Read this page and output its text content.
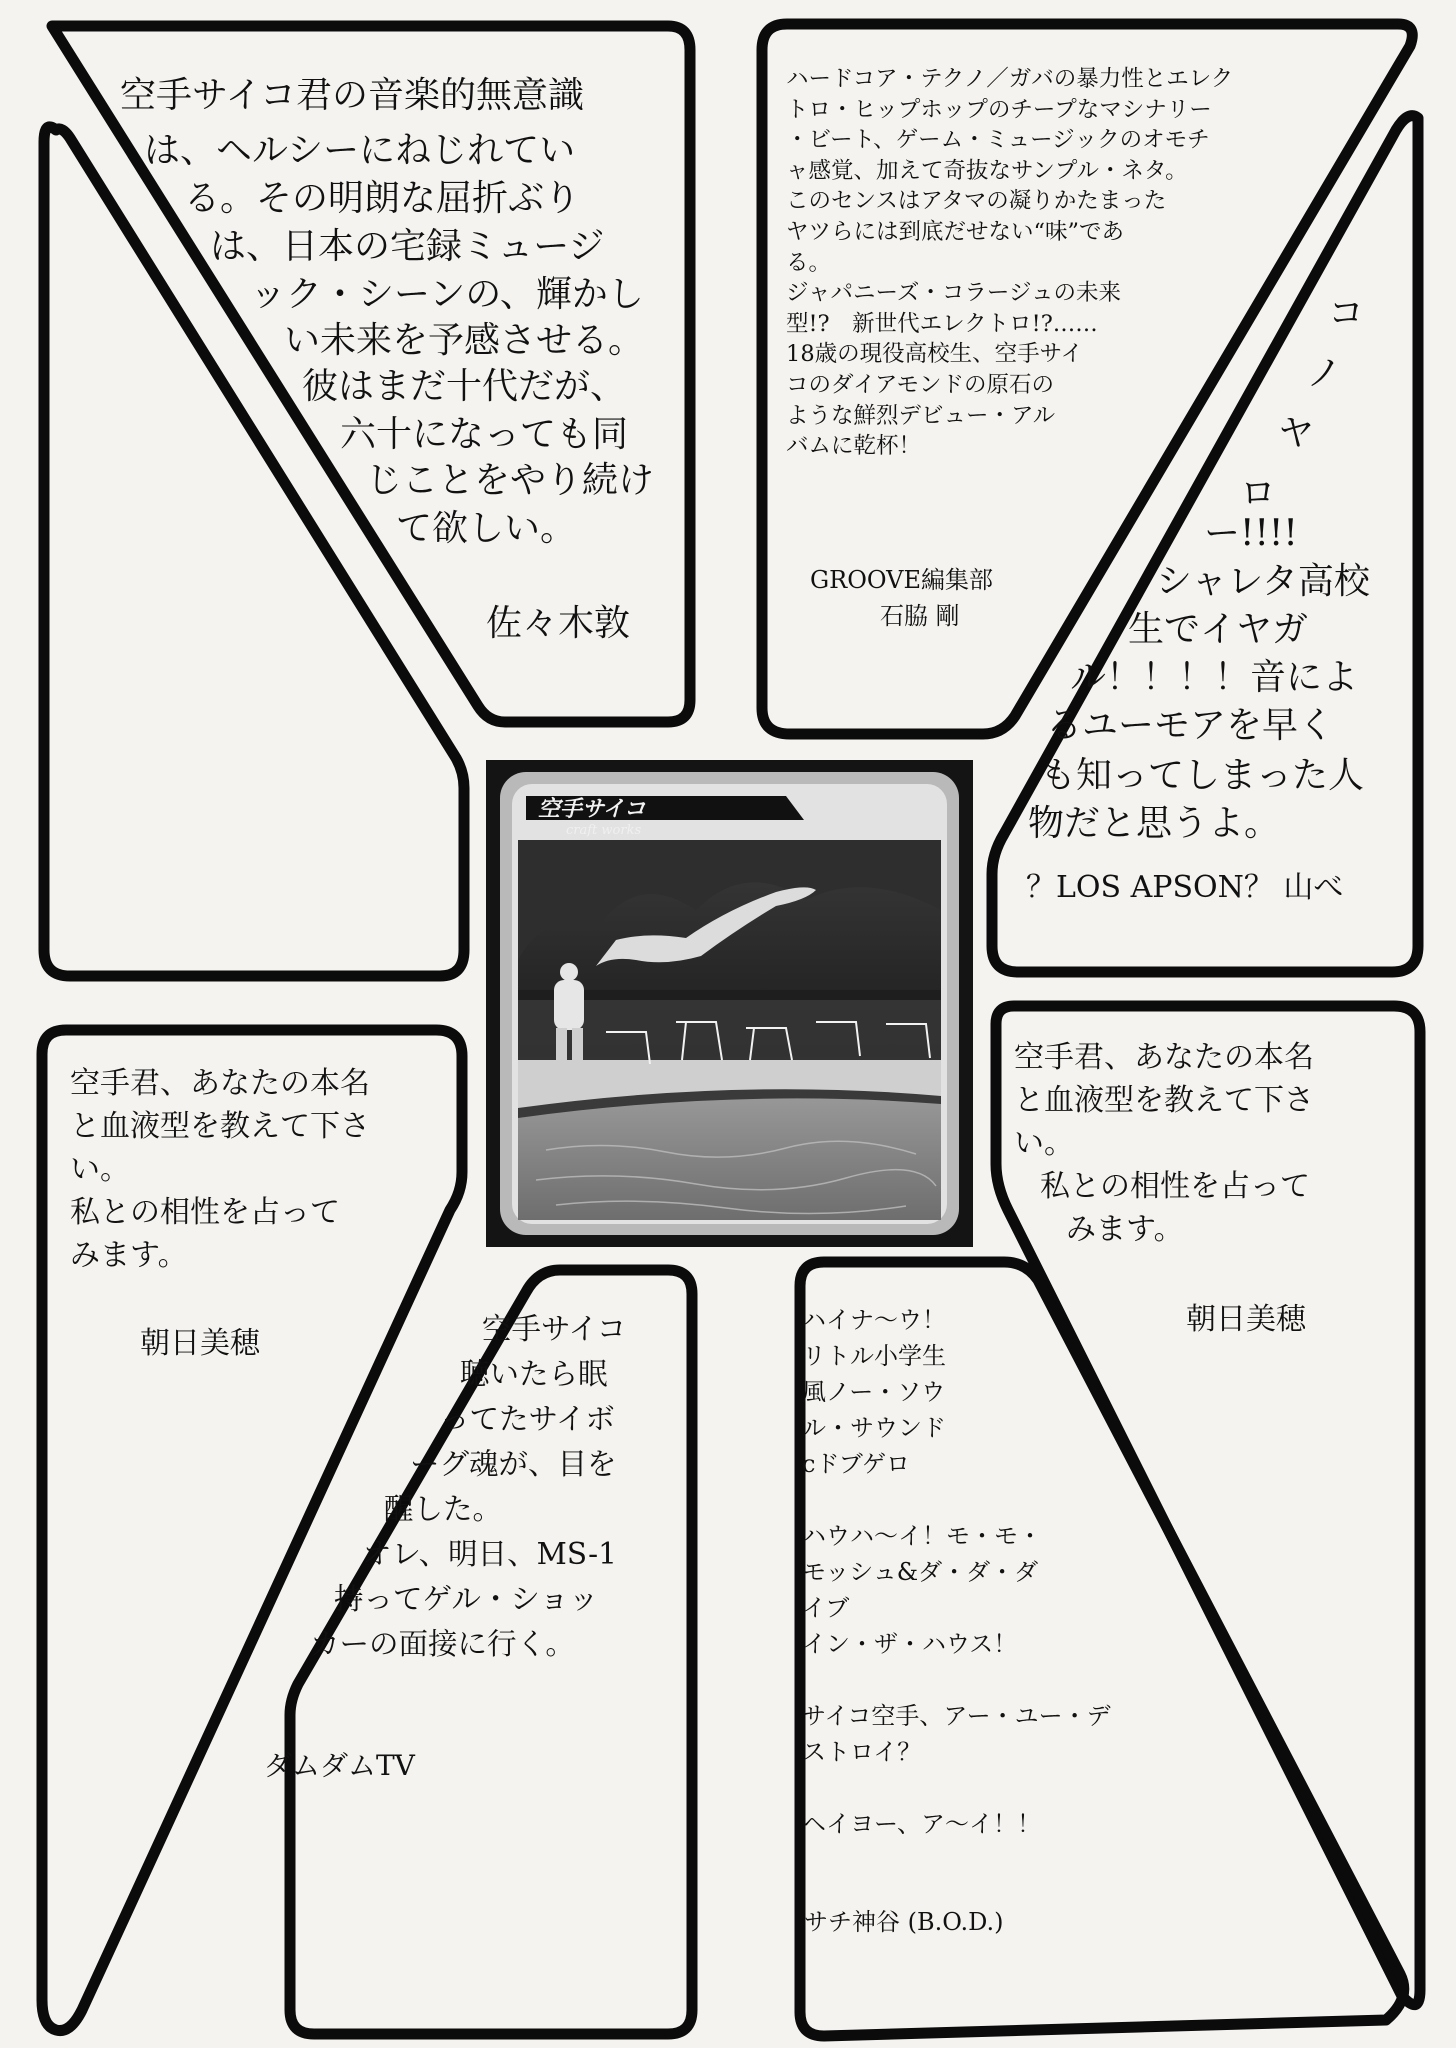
空手サイコ君の音楽的無意識
は、ヘルシーにねじれてい
る。その明朗な屈折ぶり
は、日本の宅録ミュージ
ック・シーンの、輝かし
い未来を予感させる。
彼はまだ十代だが、
六十になっても同
じことをやり続け
て欲しい。
佐々木敦
ハードコア・テクノ／ガバの暴力性とエレク
トロ・ヒップホップのチープなマシナリー
・ビート、ゲーム・ミュージックのオモチ
ャ感覚、加えて奇抜なサンプル・ネタ。
このセンスはアタマの凝りかたまった
ヤツらには到底だせない“味”であ
る。
ジャパニーズ・コラージュの未来
型!?　新世代エレクトロ!?……
18歳の現役高校生、空手サイ
コのダイアモンドの原石の
ような鮮烈デビュー・アル
バムに乾杯！
GROOVE編集部
石脇 剛
コ
ノ
ヤ
ロ
ー!!!!
シャレタ高校
生でイヤガ
ル！！！！音によ
るユーモアを早く
も知ってしまった人
物だと思うよ。
？LOS APSON？ 山べ
空手サイコ
craft works
空手君、あなたの本名
と血液型を教えて下さ
い。
私との相性を占って
みます。
朝日美穂
空手君、あなたの本名
と血液型を教えて下さ
い。
私との相性を占って
みます。
朝日美穂
空手サイコ
聴いたら眠
ってたサイボ
ーグ魂が、目を
醒した。
オレ、明日、MS-1
持ってゲル・ショッ
カーの面接に行く。
ダムダムTV
ハイナ～ウ！
リトル小学生
風ノー・ソウ
ル・サウンド
cドブゲロ

ハウハ～イ！モ・モ・
モッシュ&ダ・ダ・ダ
イブ
イン・ザ・ハウス！

サイコ空手、アー・ユー・デ
ストロイ？

ヘイヨー、ア～イ！！
サチ神谷 (B.O.D.)
